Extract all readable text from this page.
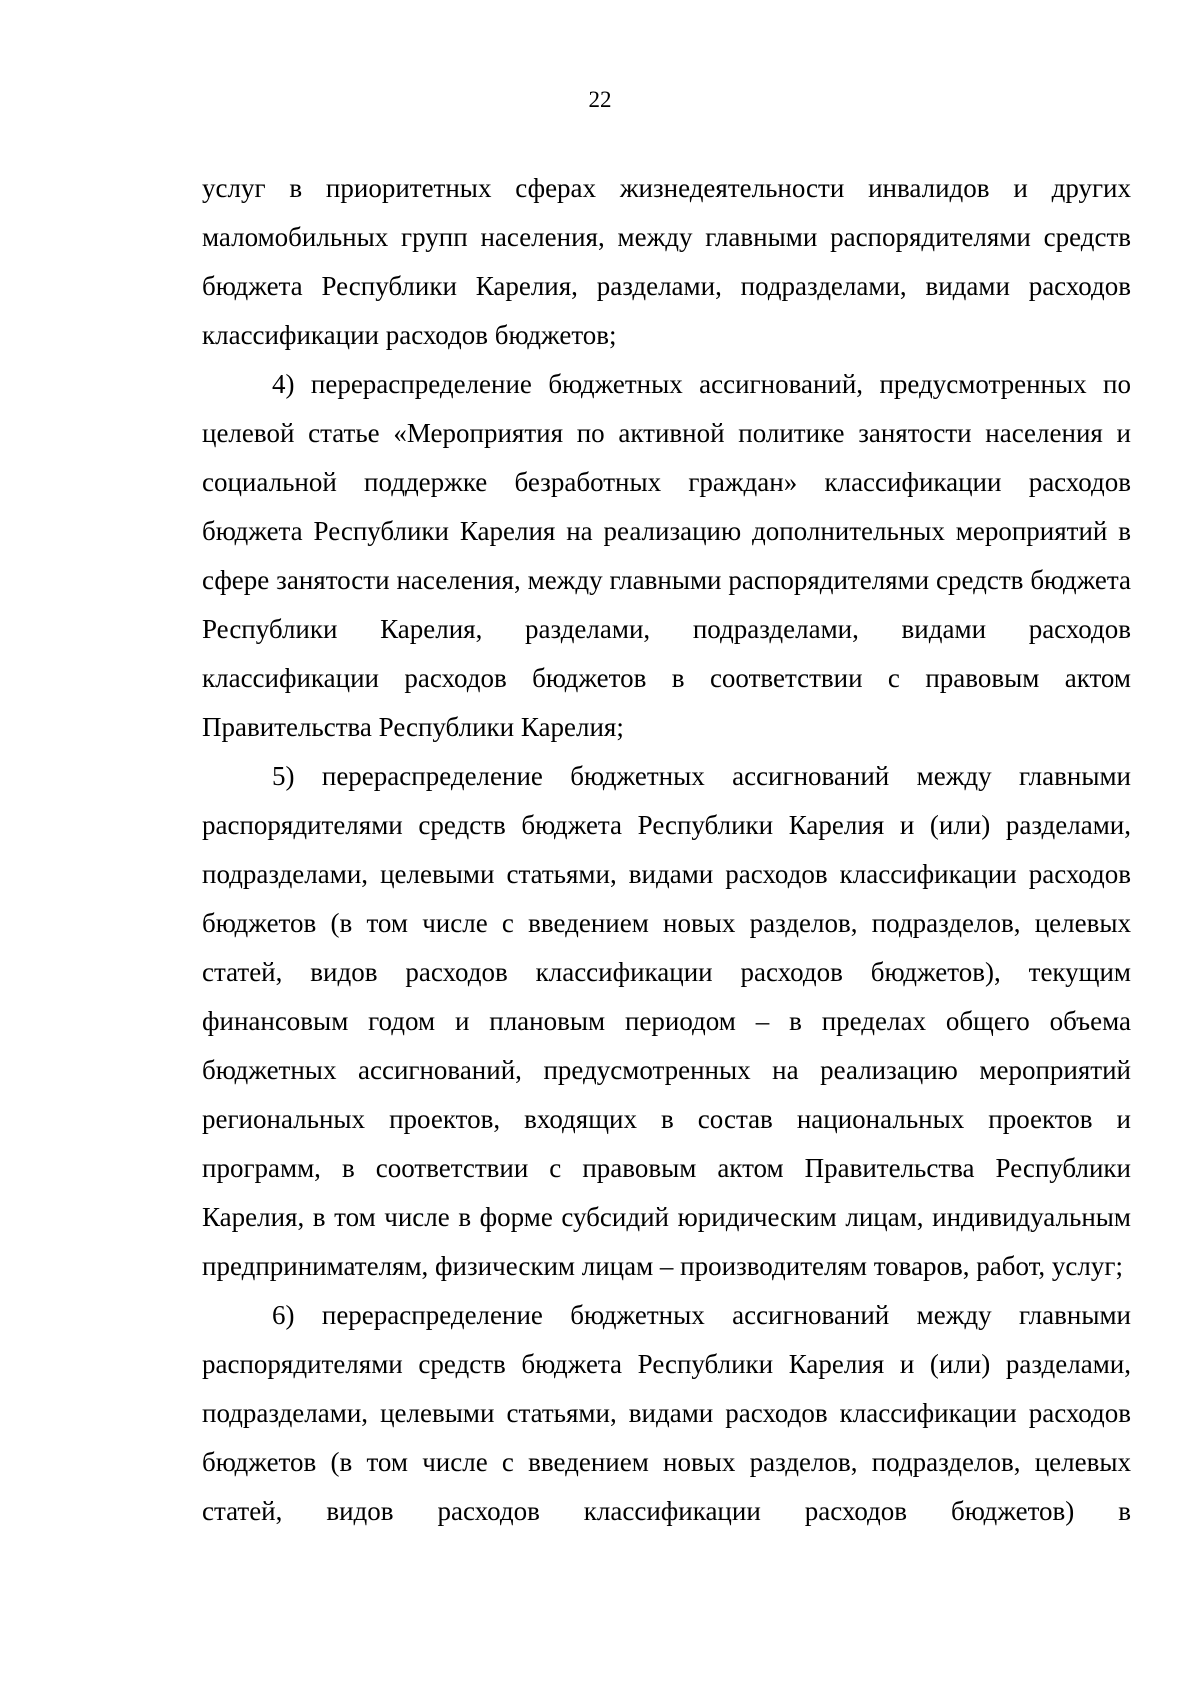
22

услуг в приоритетных сферах жизнедеятельности инвалидов и других маломобильных групп населения, между главными распорядителями средств бюджета Республики Карелия, разделами, подразделами, видами расходов классификации расходов бюджетов;

4) перераспределение бюджетных ассигнований, предусмотренных по целевой статье «Мероприятия по активной политике занятости населения и социальной поддержке безработных граждан» классификации расходов бюджета Республики Карелия на реализацию дополнительных мероприятий в сфере занятости населения, между главными распорядителями средств бюджета Республики Карелия, разделами, подразделами, видами расходов классификации расходов бюджетов в соответствии с правовым актом Правительства Республики Карелия;

5) перераспределение бюджетных ассигнований между главными распорядителями средств бюджета Республики Карелия и (или) разделами, подразделами, целевыми статьями, видами расходов классификации расходов бюджетов (в том числе с введением новых разделов, подразделов, целевых статей, видов расходов классификации расходов бюджетов), текущим финансовым годом и плановым периодом – в пределах общего объема бюджетных ассигнований, предусмотренных на реализацию мероприятий региональных проектов, входящих в состав национальных проектов и программ, в соответствии с правовым актом Правительства Республики Карелия, в том числе в форме субсидий юридическим лицам, индивидуальным предпринимателям, физическим лицам – производителям товаров, работ, услуг;

6) перераспределение бюджетных ассигнований между главными распорядителями средств бюджета Республики Карелия и (или) разделами, подразделами, целевыми статьями, видами расходов классификации расходов бюджетов (в том числе с введением новых разделов, подразделов, целевых статей, видов расходов классификации расходов бюджетов) в
